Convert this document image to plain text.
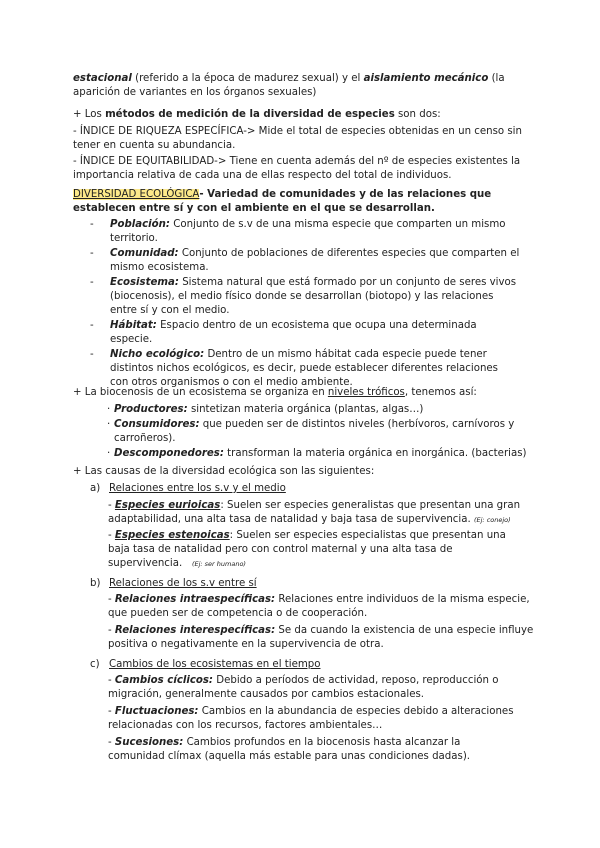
estacional (referido a la época de madurez sexual) y el aislamiento mecánico (la

aparición de variantes en los órganos sexuales)

+ Los métodos de medición de la diversidad de especies son dos:

- ÍNDICE DE RIQUEZA ESPECÍFICA-> Mide el total de especies obtenidas en un censo sin

tener en cuenta su abundancia.

- ÍNDICE DE EQUITABILIDAD-> Tiene en cuenta además del nº de especies existentes la

importancia relativa de cada una de ellas respecto del total de individuos.

DIVERSIDAD ECOLÓGICA- Variedad de comunidades y de las relaciones que

establecen entre sí y con el ambiente en el que se desarrollan.

- Población: Conjunto de s.v de una misma especie que comparten un mismo

territorio.

- Comunidad: Conjunto de poblaciones de diferentes especies que comparten el

mismo ecosistema.

- Ecosistema: Sistema natural que está formado por un conjunto de seres vivos

(biocenosis), el medio físico donde se desarrollan (biotopo) y las relaciones

entre sí y con el medio.

- Hábitat: Espacio dentro de un ecosistema que ocupa una determinada

especie.

- Nicho ecológico: Dentro de un mismo hábitat cada especie puede tener

distintos nichos ecológicos, es decir, puede establecer diferentes relaciones

con otros organismos o con el medio ambiente.

+ La biocenosis de un ecosistema se organiza en niveles tróficos, tenemos así:

· Productores: sintetizan materia orgánica (plantas, algas…)

· Consumidores: que pueden ser de distintos niveles (herbívoros, carnívoros y

carroñeros).

· Descomponedores: transforman la materia orgánica en inorgánica. (bacterias)

+ Las causas de la diversidad ecológica son las siguientes:

a) Relaciones entre los s.v y el medio

- Especies eurioicas: Suelen ser especies generalistas que presentan una gran

adaptabilidad, una alta tasa de natalidad y baja tasa de supervivencia. (Ej: conejo)

- Especies estenoicas: Suelen ser especies especialistas que presentan una

baja tasa de natalidad pero con control maternal y una alta tasa de

supervivencia. (Ej: ser humano)

b) Relaciones de los s.v entre sí

- Relaciones intraespecíficas: Relaciones entre individuos de la misma especie,

que pueden ser de competencia o de cooperación.

- Relaciones interespecíficas: Se da cuando la existencia de una especie influye

positiva o negativamente en la supervivencia de otra.

c) Cambios de los ecosistemas en el tiempo

- Cambios cíclicos: Debido a períodos de actividad, reposo, reproducción o

migración, generalmente causados por cambios estacionales.

- Fluctuaciones: Cambios en la abundancia de especies debido a alteraciones

relacionadas con los recursos, factores ambientales…

- Sucesiones: Cambios profundos en la biocenosis hasta alcanzar la

comunidad clímax (aquella más estable para unas condiciones dadas).
